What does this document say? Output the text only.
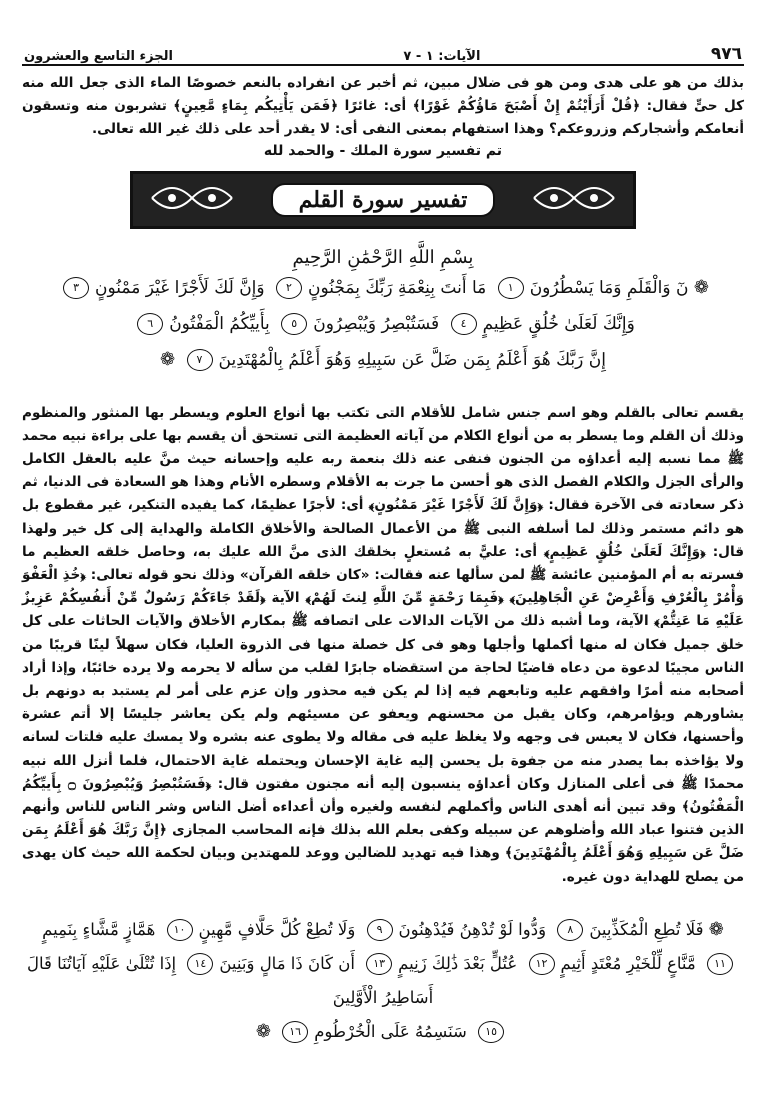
٩٧٦
الآيات: ١ - ٧
الجزء التاسع والعشرون

بذلك من هو على هدى ومن هو فى ضلال مبين، ثم أخبر عن انفراده بالنعم خصوصًا الماء الذى جعل الله منه كل حىٍّ فقال: ﴿قُلْ أَرَأَيْتُمْ إِنْ أَصْبَحَ مَاؤُكُمْ غَوْرًا﴾ أى: غائرًا ﴿فَمَن يَأْتِيكُم بِمَاءٍ مَّعِينٍ﴾ تشربون منه وتسقون أنعامكم وأشجاركم وزروعكم؟ وهذا استفهام بمعنى النفى أى: لا يقدر أحد على ذلك غير الله تعالى.

تم تفسير سورة الملك - والحمد لله
تفسير سورة القلم
بِسْمِ اللَّهِ الرَّحْمَٰنِ الرَّحِيمِ
❁ نٓ وَالْقَلَمِ وَمَا يَسْطُرُونَ١ مَا أَنتَ بِنِعْمَةِ رَبِّكَ بِمَجْنُونٍ٢ وَإِنَّ لَكَ لَأَجْرًا غَيْرَ مَمْنُونٍ٣
وَإِنَّكَ لَعَلَىٰ خُلُقٍ عَظِيمٍ٤ فَسَتُبْصِرُ وَيُبْصِرُونَ٥ بِأَييِّكُمُ الْمَفْتُونُ٦
إِنَّ رَبَّكَ هُوَ أَعْلَمُ بِمَن ضَلَّ عَن سَبِيلِهِ وَهُوَ أَعْلَمُ بِالْمُهْتَدِينَ٧ ❁

يقسم تعالى بالقلم وهو اسم جنس شامل للأقلام التى تكتب بها أنواع العلوم ويسطر بها المنثور والمنظوم وذلك أن القلم وما يسطر به من أنواع الكلام من آياته العظيمة التى تستحق أن يقسم بها على براءة نبيه محمد ﷺ مما نسبه إليه أعداؤه من الجنون فنفى عنه ذلك بنعمة ربه عليه وإحسانه حيث منَّ عليه بالعقل الكامل والرأى الجزل والكلام الفصل الذى هو أحسن ما جرت به الأقلام وسطره الأنام وهذا هو السعادة فى الدنيا، ثم ذكر سعادته فى الآخرة فقال: ﴿وَإِنَّ لَكَ لَأَجْرًا غَيْرَ مَمْنُونٍ﴾ أى: لأجرًا عظيمًا، كما يفيده التنكير، غير مقطوع بل هو دائم مستمر وذلك لما أسلفه النبى ﷺ من الأعمال الصالحة والأخلاق الكاملة والهداية إلى كل خير ولهذا قال: ﴿وَإِنَّكَ لَعَلَىٰ خُلُقٍ عَظِيمٍ﴾ أى: عليًّ به مُستعلٍ بخلقك الذى منَّ الله عليك به، وحاصل خلقه العظيم ما فسرته به أم المؤمنين عائشة ﷺ لمن سألها عنه فقالت: «كان خلقه القرآن» وذلك نحو قوله تعالى: ﴿خُذِ الْعَفْوَ وَأْمُرْ بِالْعُرْفِ وَأَعْرِضْ عَنِ الْجَاهِلِينَ﴾ ﴿فَبِمَا رَحْمَةٍ مِّنَ اللَّهِ لِنتَ لَهُمْ﴾ الآية ﴿لَقَدْ جَاءَكُمْ رَسُولٌ مِّنْ أَنفُسِكُمْ عَزِيزٌ عَلَيْهِ مَا عَنِتُّمْ﴾ الآية، وما أشبه ذلك من الآيات الدالات على اتصافه ﷺ بمكارم الأخلاق والآيات الحاثات على كل خلق جميل فكان له منها أكملها وأجلها وهو فى كل خصلة منها فى الذروة العليا، فكان سهلاً لينًا قريبًا من الناس مجيبًا لدعوة من دعاه قاضيًا لحاجة من استقضاه جابرًا لقلب من سأله لا يحرمه ولا يرده خائبًا، وإذا أراد أصحابه منه أمرًا وافقهم عليه وتابعهم فيه إذا لم يكن فيه محذور وإن عزم على أمر لم يستبد به دونهم بل يشاورهم ويؤامرهم، وكان يقبل من محسنهم ويعفو عن مسيئهم ولم يكن يعاشر جليسًا إلا أتم عشرة وأحسنها، فكان لا يعبس فى وجهه ولا يغلظ عليه فى مقاله ولا يطوى عنه بشره ولا يمسك عليه فلتات لسانه ولا يؤاخذه بما يصدر منه من جفوة بل يحسن إليه غاية الإحسان ويحتمله غاية الاحتمال، فلما أنزل الله نبيه محمدًا ﷺ فى أعلى المنازل وكان أعداؤه ينسبون إليه أنه مجنون مفتون قال: ﴿فَسَتُبْصِرُ وَيُبْصِرُونَ ۝ بِأَييِّكُمُ الْمَفْتُونُ﴾ وقد تبين أنه أهدى الناس وأكملهم لنفسه ولغيره وأن أعداءه أضل الناس وشر الناس للناس وأنهم الذين فتنوا عباد الله وأضلوهم عن سبيله وكفى بعلم الله بذلك فإنه المحاسب المجازى ﴿إِنَّ رَبَّكَ هُوَ أَعْلَمُ بِمَن ضَلَّ عَن سَبِيلِهِ وَهُوَ أَعْلَمُ بِالْمُهْتَدِينَ﴾ وهذا فيه تهديد للضالين ووعد للمهتدين وبيان لحكمة الله حيث كان يهدى من يصلح للهداية دون غيره.

❁ فَلَا تُطِعِ الْمُكَذِّبِينَ٨ وَدُّوا لَوْ تُدْهِنُ فَيُدْهِنُونَ٩ وَلَا تُطِعْ كُلَّ حَلَّافٍ مَّهِينٍ١٠ هَمَّازٍ مَّشَّاءٍ بِنَمِيمٍ
١١ مَّنَّاعٍ لِّلْخَيْرِ مُعْتَدٍ أَثِيمٍ١٢ عُتُلٍّ بَعْدَ ذَٰلِكَ زَنِيمٍ١٣ أَن كَانَ ذَا مَالٍ وَبَنِينَ١٤ إِذَا تُتْلَىٰ عَلَيْهِ آيَاتُنَا قَالَ أَسَاطِيرُ الْأَوَّلِينَ
١٥ سَنَسِمُهُ عَلَى الْخُرْطُومِ١٦ ❁
